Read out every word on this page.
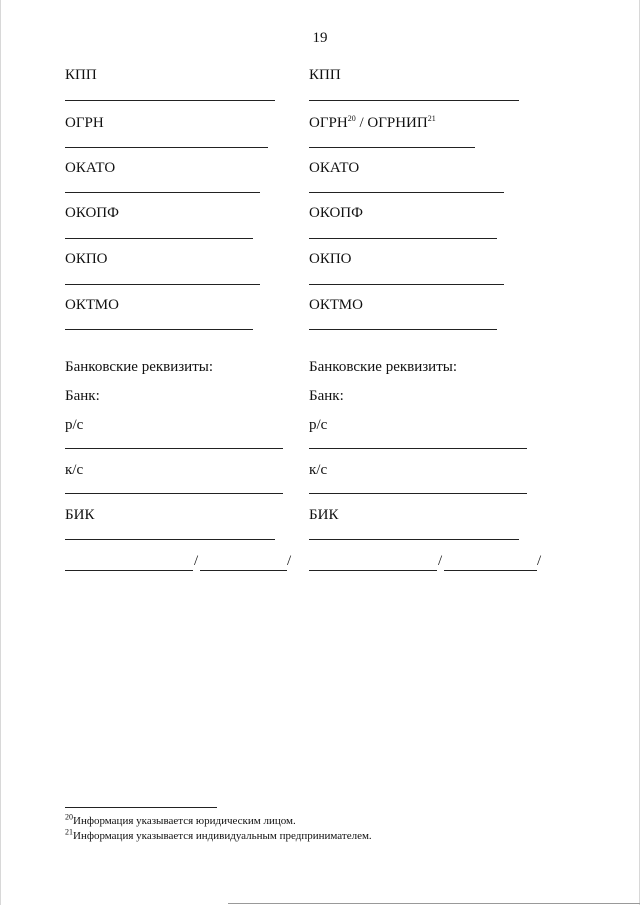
19
КПП
ОГРН
ОКАТО
ОКОПФ
ОКПО
ОКТМО
Банковские реквизиты:
Банк:
р/с
к/с
БИК
/	/
КПП
ОГРН$^{20}$ / ОГРНИП$^{21}$
ОКАТО
ОКОПФ
ОКПО
ОКТМО
Банковские реквизиты:
Банк:
р/с
к/с
БИК
/	/
$^{20}$Информация указывается юридическим лицом.
$^{21}$Информация указывается индивидуальным предпринимателем.
